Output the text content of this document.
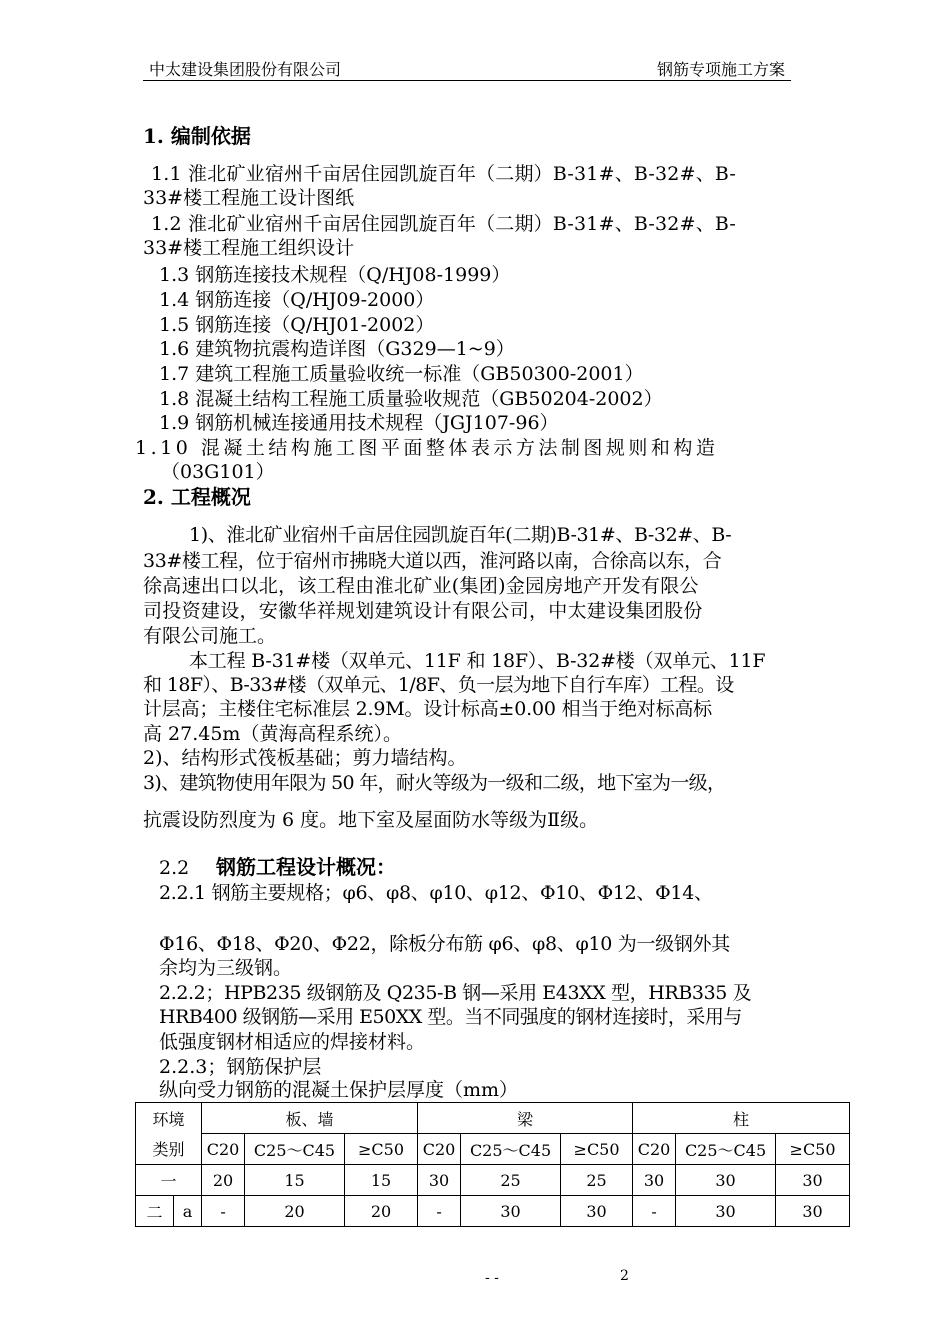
中太建设集团股份有限公司	钢筋专项施工方案
1. 编制依据
1.1 淮北矿业宿州千亩居住园凯旋百年（二期）B-31#、B-32#、B-
33#楼工程施工设计图纸
1.2 淮北矿业宿州千亩居住园凯旋百年（二期）B-31#、B-32#、B-
33#楼工程施工组织设计
1.3 钢筋连接技术规程（Q/HJ08-1999）
1.4 钢筋连接（Q/HJ09-2000）
1.5 钢筋连接（Q/HJ01-2002）
1.6 建筑物抗震构造详图（G329—1~9）
1.7 建筑工程施工质量验收统一标准（GB50300-2001）
1.8 混凝土结构工程施工质量验收规范（GB50204-2002）
1.9 钢筋机械连接通用技术规程（JGJ107-96）
1.10 混凝土结构施工图平面整体表示方法制图规则和构造
（03G101）
2. 工程概况
1)、淮北矿业宿州千亩居住园凯旋百年(二期)B-31#、B-32#、B-
33#楼工程，位于宿州市拂晓大道以西，淮河路以南，合徐高以东，合
徐高速出口以北，该工程由淮北矿业(集团)金园房地产开发有限公
司投资建设，安徽华祥规划建筑设计有限公司，中太建设集团股份
有限公司施工。
本工程 B-31#楼（双单元、11F 和 18F）、B-32#楼（双单元、11F
和 18F）、B-33#楼（双单元、1/8F、负一层为地下自行车库）工程。设
计层高；主楼住宅标准层 2.9M。设计标高±0.00 相当于绝对标高标
高 27.45m（黄海高程系统）。
2)、结构形式筏板基础；剪力墙结构。
3)、建筑物使用年限为 50 年，耐火等级为一级和二级，地下室为一级，
抗震设防烈度为 6 度。地下室及屋面防水等级为Ⅱ级。
2.2 钢筋工程设计概况：
2.2.1 钢筋主要规格；φ6、φ8、φ10、φ12、Φ10、Φ12、Φ14、
Φ16、Φ18、Φ20、Φ22，除板分布筋 φ6、φ8、φ10 为一级钢外其
余均为三级钢。
2.2.2；HPB235 级钢筋及 Q235-B 钢—采用 E43XX 型，HRB335 及
HRB400 级钢筋—采用 E50XX 型。当不同强度的钢材连接时，采用与
低强度钢材相适应的焊接材料。
2.2.3；钢筋保护层
纵向受力钢筋的混凝土保护层厚度（mm）
环境		板、墙			梁			柱		
类别		C20	C25～C45	≥C50	C20	C25～C45	≥C50	C20	C25～C45	≥C50
一		20	15	15	30	25	25	30	30	30
二	a	-	20	20	-	30	30	-	30	30
- -	2
